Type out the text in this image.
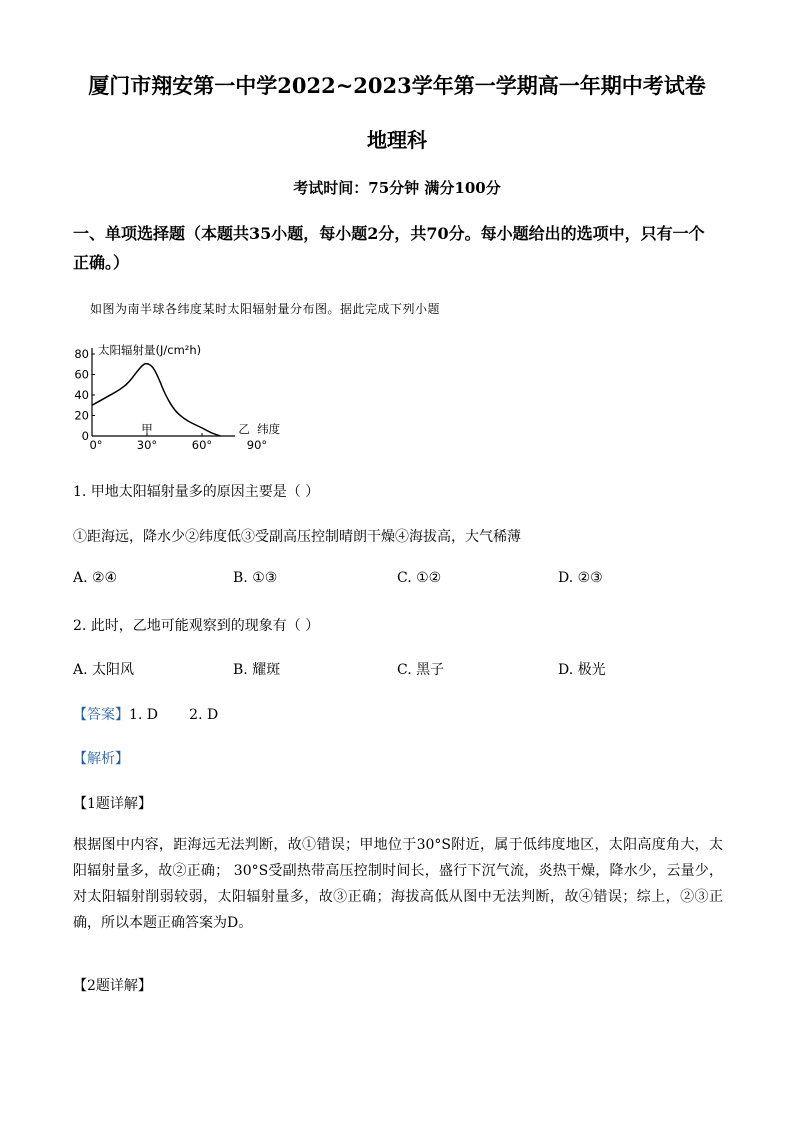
厦门市翔安第一中学2022~2023学年第一学期高一年期中考试卷
地理科
考试时间：75分钟 满分100分
一、单项选择题（本题共35小题，每小题2分，共70分。每小题给出的选项中，只有一个
正确。）
如图为南半球各纬度某时太阳辐射量分布图。据此完成下列小题
0
20
40
60
80
0°	30°	60°	90°
太阳辐射量(J/cm²h)
甲	乙 纬度
1. 甲地太阳辐射量多的原因主要是（ ）
①距海远，降水少②纬度低③受副高压控制晴朗干燥④海拔高，大气稀薄
A. ②④	B. ①③	C. ①②	D. ②③
2. 此时，乙地可能观察到的现象有（ ）
A. 太阳风	B. 耀斑	C. 黑子	D. 极光
【答案】1. D       2. D
【解析】
【1题详解】
根据图中内容，距海远无法判断，故①错误；甲地位于30°S附近，属于低纬度地区，太阳高度角大，太阳辐射量多，故②正确； 30°S受副热带高压控制时间长，盛行下沉气流，炎热干燥，降水少，云量少，对太阳辐射削弱较弱，太阳辐射量多，故③正确；海拔高低从图中无法判断，故④错误；综上，②③正确，所以本题正确答案为D。
【2题详解】
